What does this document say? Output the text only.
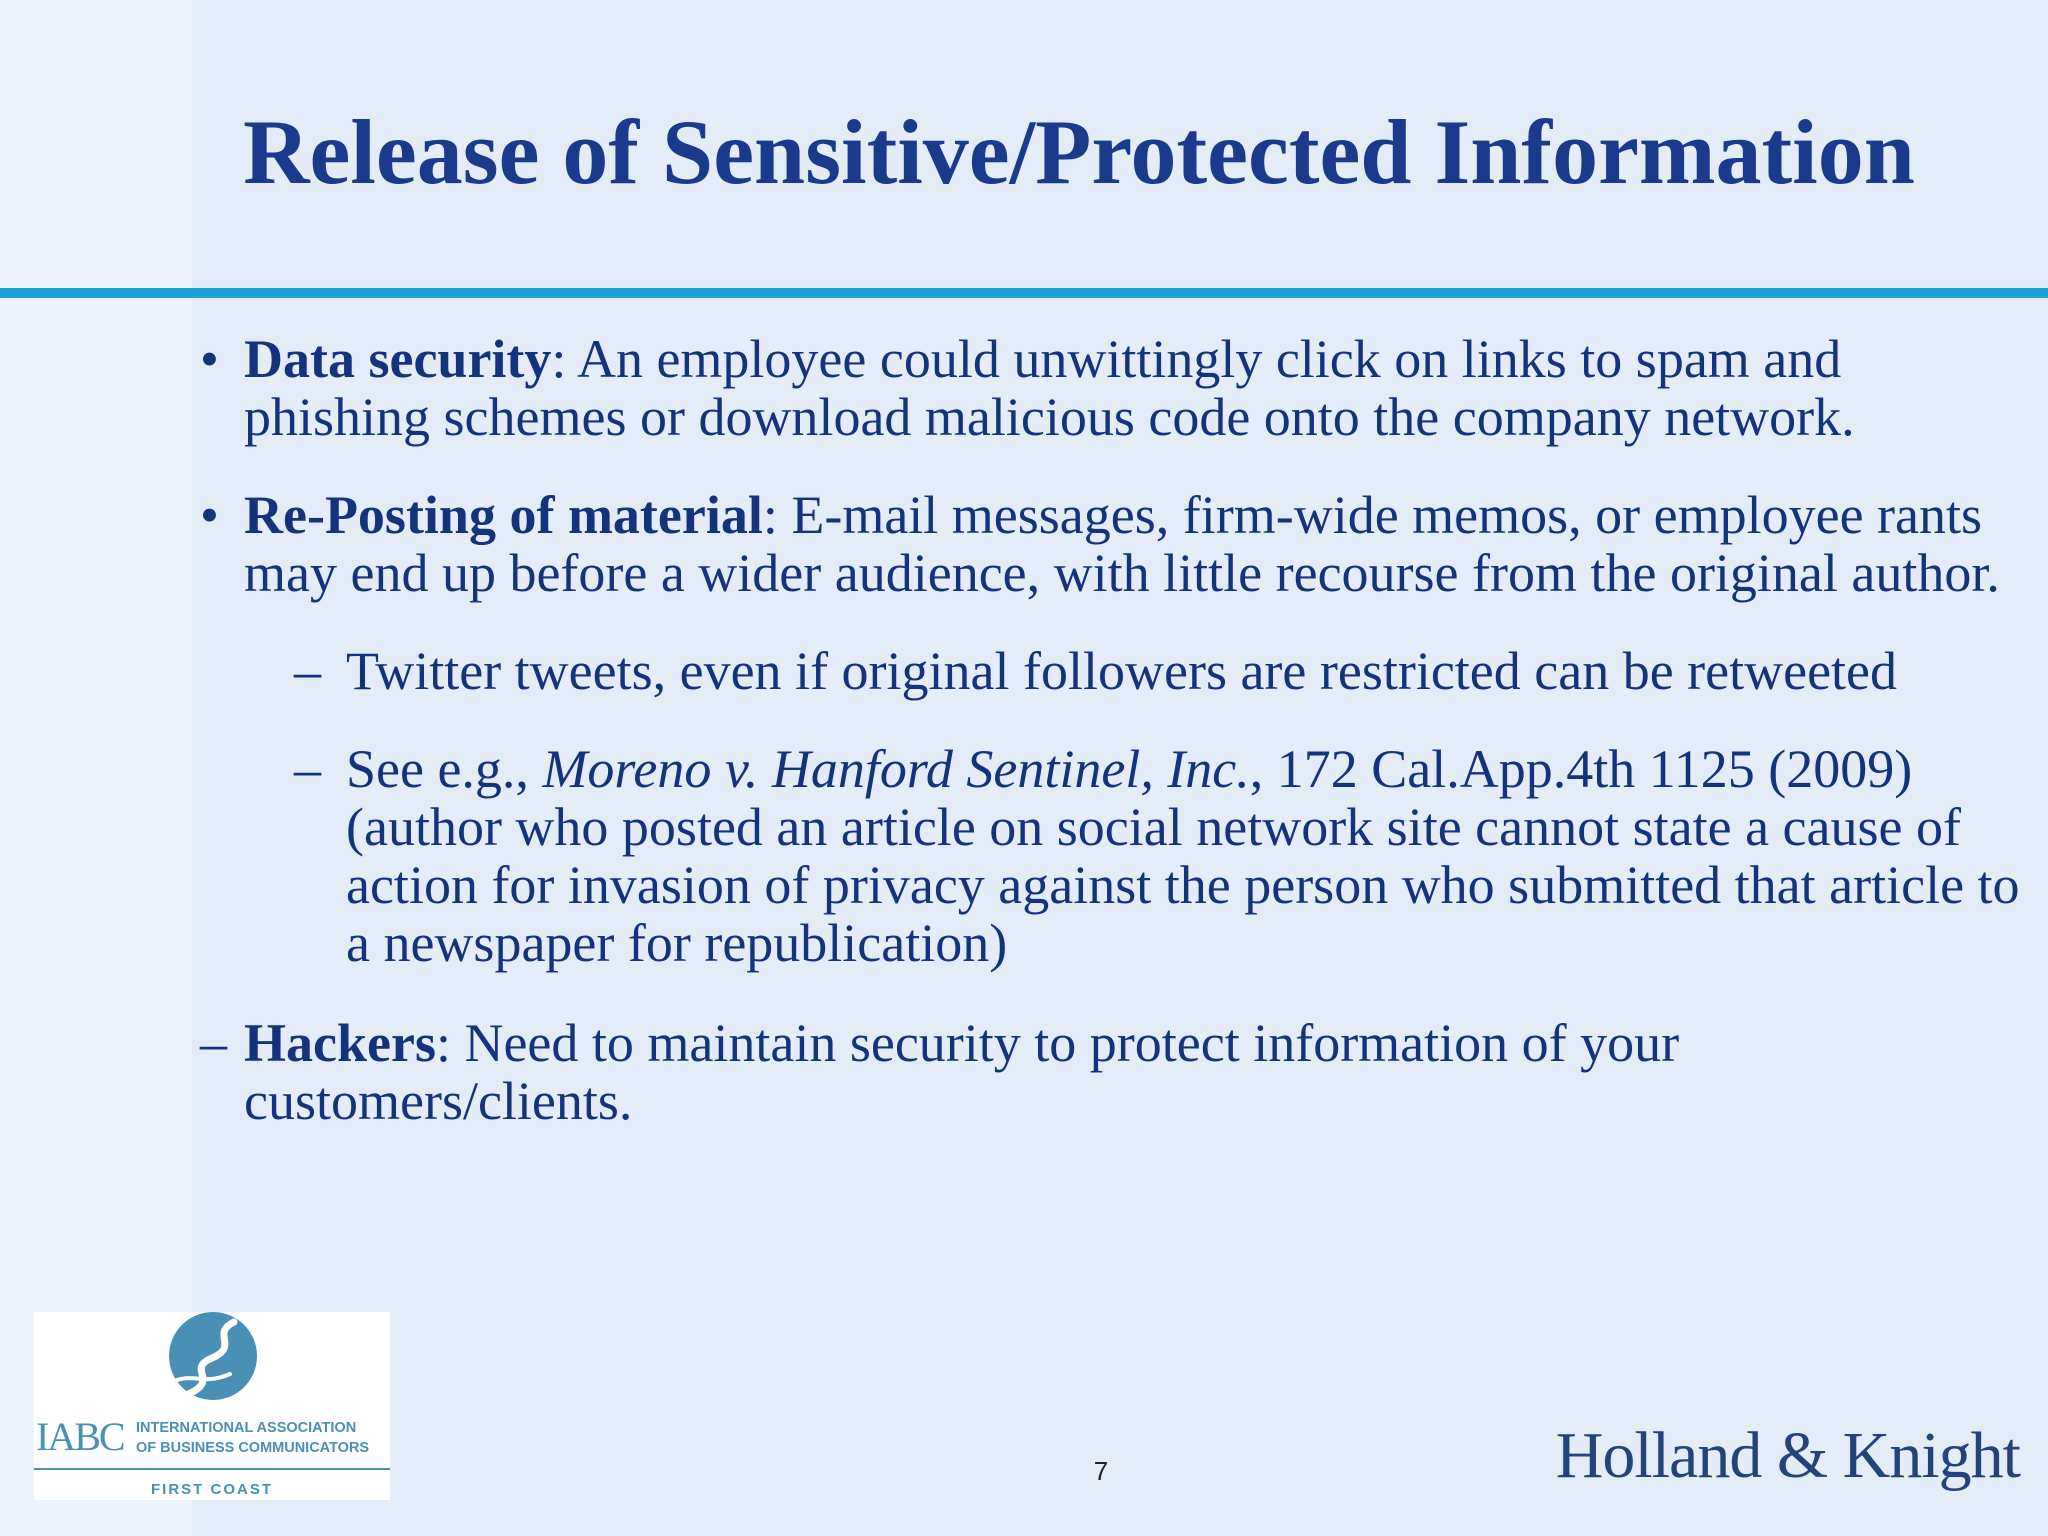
Release of Sensitive/Protected Information
• Data security: An employee could unwittingly click on links to spam and phishing schemes or download malicious code onto the company network.
• Re-Posting of material: E-mail messages, firm-wide memos, or employee rants may end up before a wider audience, with little recourse from the original author.
– Twitter tweets, even if original followers are restricted can be retweeted
– See e.g., Moreno v. Hanford Sentinel, Inc., 172 Cal.App.4th 1125 (2009) (author who posted an article on social network site cannot state a cause of action for invasion of privacy against the person who submitted that article to a newspaper for republication)
– Hackers: Need to maintain security to protect information of your customers/clients.
IABC INTERNATIONAL ASSOCIATION
OF BUSINESS COMMUNICATORS
FIRST COAST
7	Holland & Knight
